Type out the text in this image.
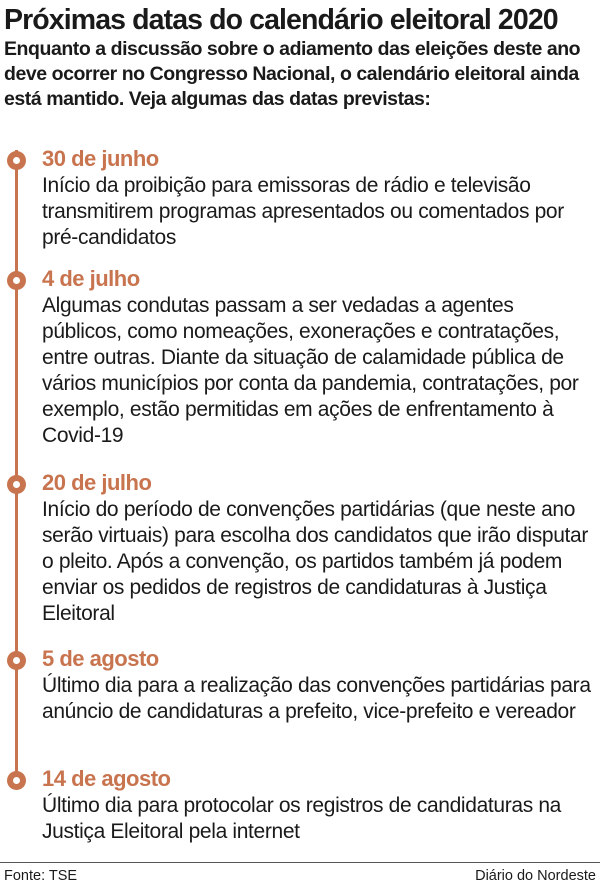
Próximas datas do calendário eleitoral 2020

Enquanto a discussão sobre o adiamento das eleições deste ano deve ocorrer no Congresso Nacional, o calendário eleitoral ainda está mantido. Veja algumas das datas previstas:

30 de junho
Início da proibição para emissoras de rádio e televisão transmitirem programas apresentados ou comentados por pré-candidatos
4 de julho
Algumas condutas passam a ser vedadas a agentes públicos, como nomeações, exonerações e contratações, entre outras. Diante da situação de calamidade pública de vários municípios por conta da pandemia, contratações, por exemplo, estão permitidas em ações de enfrentamento à Covid-19
20 de julho
Início do período de convenções partidárias (que neste ano serão virtuais) para escolha dos candidatos que irão disputar o pleito. Após a convenção, os partidos também já podem enviar os pedidos de registros de candidaturas à Justiça Eleitoral
5 de agosto
Último dia para a realização das convenções partidárias para anúncio de candidaturas a prefeito, vice-prefeito e vereador
14 de agosto
Último dia para protocolar os registros de candidaturas na Justiça Eleitoral pela internet
Fonte: TSE	Diário do Nordeste
